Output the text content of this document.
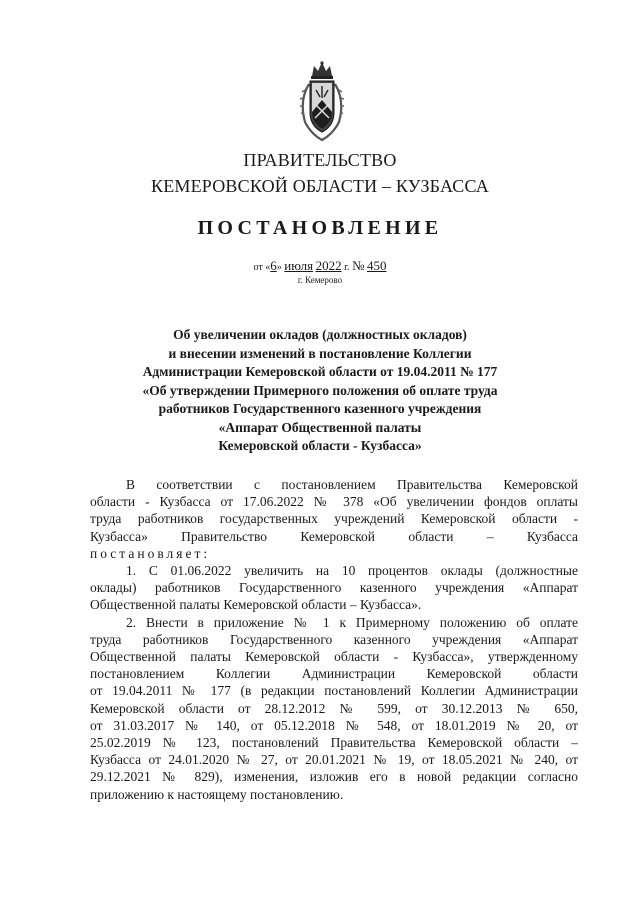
ПРАВИТЕЛЬСТВО
КЕМЕРОВСКОЙ ОБЛАСТИ – КУЗБАССА
ПОСТАНОВЛЕНИЕ
от «6» июля 2022 г. № 450
г. Кемерово
Об увеличении окладов (должностных окладов)
и внесении изменений в постановление Коллегии
Администрации Кемеровской области от 19.04.2011 № 177
«Об утверждении Примерного положения об оплате труда
работников Государственного казенного учреждения
«Аппарат Общественной палаты
Кемеровской области - Кузбасса»
В соответствии с постановлением Правительства Кемеровской
области - Кузбасса от 17.06.2022 № 378 «Об увеличении фондов оплаты
труда работников государственных учреждений Кемеровской области -
Кузбасса» Правительство Кемеровской области – Кузбасса
постановляет:
1. С 01.06.2022 увеличить на 10 процентов оклады (должностные
оклады) работников Государственного казенного учреждения «Аппарат
Общественной палаты Кемеровской области – Кузбасса».
2. Внести в приложение № 1 к Примерному положению об оплате
труда работников Государственного казенного учреждения «Аппарат
Общественной палаты Кемеровской области - Кузбасса», утвержденному
постановлением Коллегии Администрации Кемеровской области
от 19.04.2011 № 177 (в редакции постановлений Коллегии Администрации
Кемеровской области от 28.12.2012 № 599, от 30.12.2013 № 650,
от 31.03.2017 № 140, от 05.12.2018 № 548, от 18.01.2019 № 20, от
25.02.2019 № 123, постановлений Правительства Кемеровской области –
Кузбасса от 24.01.2020 № 27, от 20.01.2021 № 19, от 18.05.2021 № 240, от
29.12.2021 № 829), изменения, изложив его в новой редакции согласно
приложению к настоящему постановлению.
